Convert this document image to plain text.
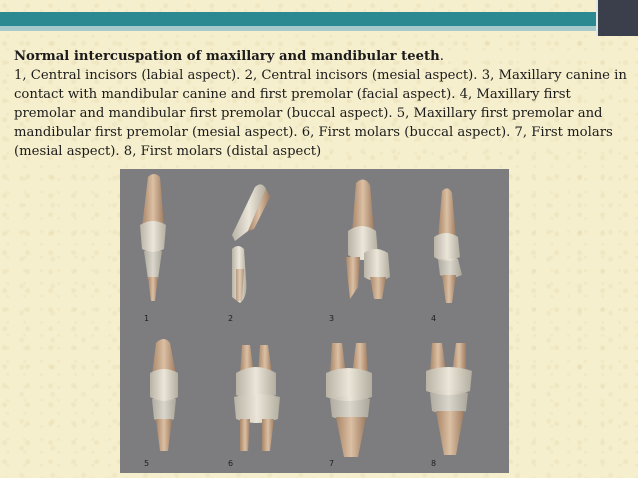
Normal intercuspation of maxillary and mandibular teeth.
1, Central incisors (labial aspect). 2, Central incisors (mesial aspect). 3, Maxillary canine in contact with mandibular canine and first premolar (facial aspect). 4, Maxillary first premolar and mandibular first premolar (buccal aspect). 5, Maxillary first premolar and mandibular first premolar (mesial aspect). 6, First molars (buccal aspect). 7, First molars (mesial aspect). 8, First molars (distal aspect)
1	2	3	4
5	6	7	8
